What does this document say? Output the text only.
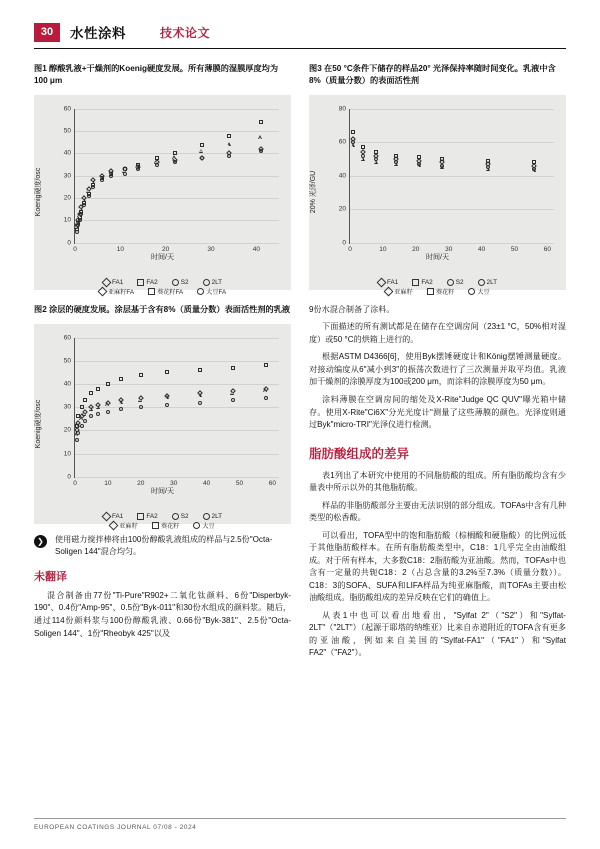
30	水性涂料	技术论文
图1 醇酸乳液+干燥剂的Koenig硬度发展。所有薄膜的湿膜厚度均为100 μm
Koenig硬度/osc
0
10
20
30
40
50
60
0	10	20	30	40
时间/天
FA1	FA2	S2	2LT
亚麻籽FA	葵花籽FA	大豆FA
图2 涂层的硬度发展。涂层基于含有8%（质量分数）表面活性剂的乳液
Koenig硬度/osc
0
10
20
30
40
50
60
0	10	20	30	40	50	60
时间/天
FA1	FA2	S2	2LT
亚麻籽	葵花籽	大豆
❯	使用磁力搅拌棒将由100份醇酸乳液组成的样品与2.5份"Octa-Soligen 144"混合均匀。
未翻译

混合制备由77份"Ti-Pure"R902+二氧化钛颜料、6份"Disperbyk-190"、0.4份"Amp-95"、0.5份"Byk-011"和30份水组成的颜料浆。随后，通过114份颜料浆与100份醇酸乳液、0.66份"Byk-381"、2.5份"Octa-Soligen 144"、1份"Rheobyk 425"以及

图3 在50 °C条件下储存的样品20° 光泽保持率随时间变化。乳液中含8%（质量分数）的表面活性剂
20% 光泽/GU
0
20
40
60
80
0	10	20	30	40	50	60
时间/天
FA1	FA2	S2	2LT
亚麻籽	葵花籽	大豆

9份水混合制备了涂料。

下面描述的所有测试都是在储存在空调房间（23±1 °C，50%相对湿度）或50 °C的烘箱上进行的。

根据ASTM D4366[6]，使用Byk摆锤硬度计和König摆锤测量硬度。对接动编度从6"减小到3"的振荡次数进行了三次测量并取平均值。乳液加干燥剂的涂膜厚度为100或200 μm，而涂料的涂膜厚度为50 μm。

涂料薄膜在空调房间的缩处及X-Rite"Judge QC QUV"曝光箱中储存。使用X-Rite"Ci6X"分光光度计"测量了这些薄膜的颜色。光泽度则通过Byk"micro-TRI"光泽仪进行检测。

脂肪酸组成的差异

表1列出了本研究中使用的不同脂肪酸的组成。所有脂肪酸均含有少量表中所示以外的其他脂肪酸。

样品的非脂肪酸部分主要由无法识别的部分组成。TOFAs中含有几种类型的松香酸。

可以看出，TOFA型中的饱和脂肪酸（棕榈酸和硬脂酸）的比例远低于其他脂肪酸样本。在所有脂肪酸类型中，C18：1几乎完全由油酸组成。对于所有样本，大多数C18：2脂肪酸为亚油酸。然而，TOFAs中也含有一定量的共轭C18：2（占总含量的3.2%至7.3%（质量分数））。C18：3的SOFA、SUFA和LIFA样品为纯亚麻脂酸，而TOFAs主要由松油酸组成。脂肪酸组成的差异反映在它们的确值上。

从表1中也可以看出地看出，"Sylfat 2"（"S2"）和"Sylfat-2LT"（"2LT"）（起源于耶塔的纳维亚）比来自赤道附近的TOFA含有更多的亚油酸，例如来自美国的"Sylfat-FA1"（"FA1"）和"Sylfat FA2"（"FA2"）。

EUROPEAN COATINGS JOURNAL 07/08 - 2024
